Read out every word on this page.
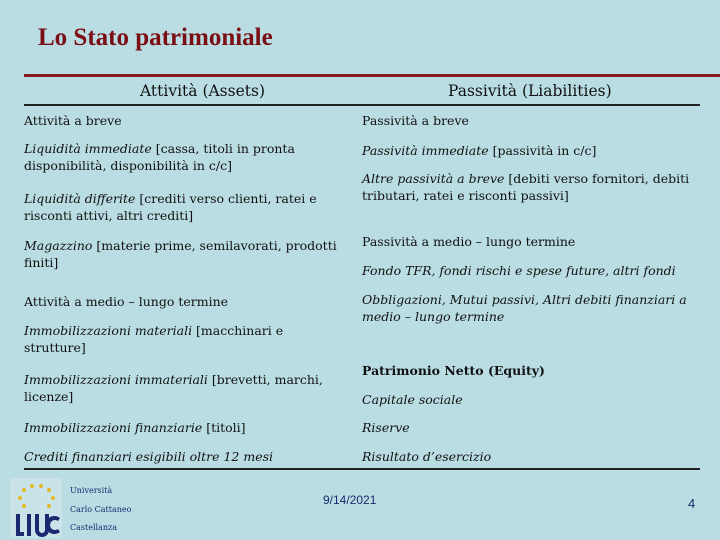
Lo Stato patrimoniale
Attività (Assets)	Passività (Liabilities)
Attività a breve
Liquidità immediate [cassa, titoli in pronta disponibilità, disponibilità in c/c]
Liquidità differite [crediti verso clienti, ratei e risconti attivi, altri crediti]
Magazzino [materie prime, semilavorati, prodotti finiti]
Attività a medio – lungo termine
Immobilizzazioni materiali [macchinari e strutture]
Immobilizzazioni immateriali [brevetti, marchi, licenze]
Immobilizzazioni finanziarie [titoli]
Crediti finanziari esigibili oltre 12 mesi
Passività a breve
Passività immediate [passività in c/c]
Altre passività a breve [debiti verso fornitori, debiti tributari, ratei e risconti passivi]
Passività a medio – lungo termine
Fondo TFR, fondi rischi e spese future, altri fondi
Obbligazioni, Mutui passivi, Altri debiti finanziari a medio – lungo termine
Patrimonio Netto (Equity)
Capitale sociale
Riserve
Risultato d’esercizio
Università
Carlo Cattaneo
Castellanza
9/14/2021	4
